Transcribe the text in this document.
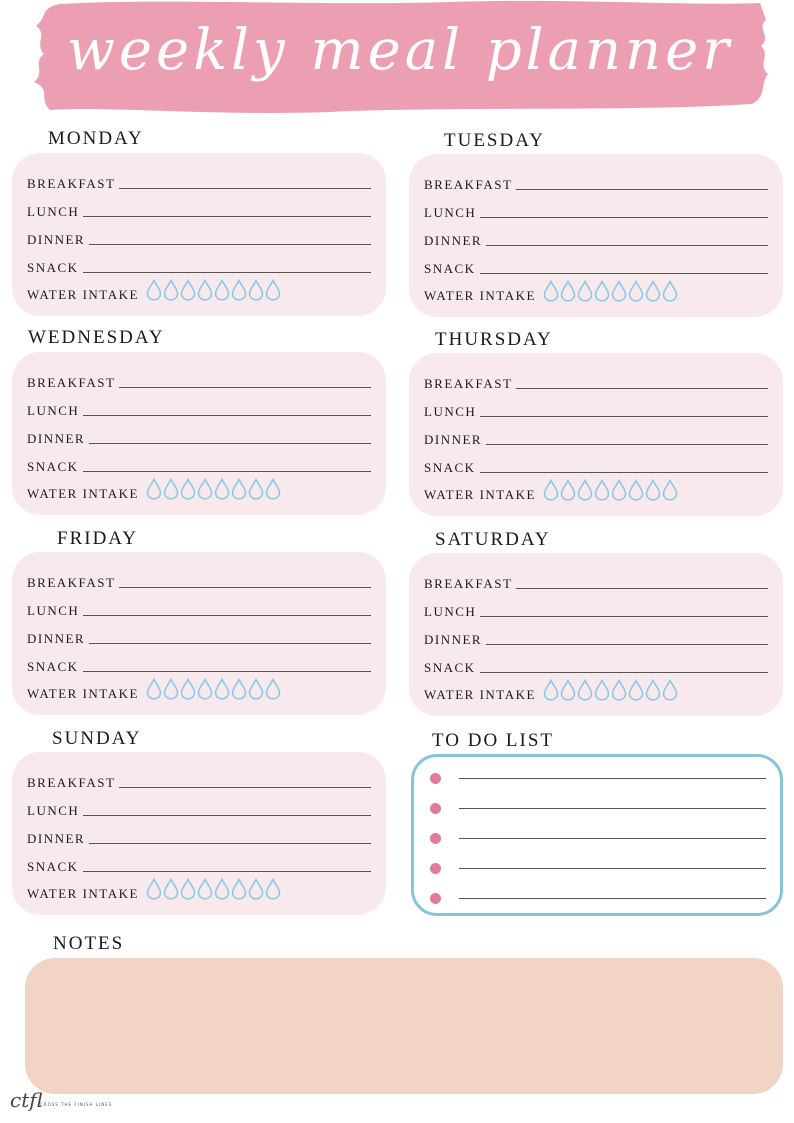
weekly meal planner
MONDAY
BREAKFAST
LUNCH
DINNER
SNACK
WATER INTAKE
TUESDAY
BREAKFAST
LUNCH
DINNER
SNACK
WATER INTAKE
WEDNESDAY
BREAKFAST
LUNCH
DINNER
SNACK
WATER INTAKE
THURSDAY
BREAKFAST
LUNCH
DINNER
SNACK
WATER INTAKE
FRIDAY
BREAKFAST
LUNCH
DINNER
SNACK
WATER INTAKE
SATURDAY
BREAKFAST
LUNCH
DINNER
SNACK
WATER INTAKE
SUNDAY
BREAKFAST
LUNCH
DINNER
SNACK
WATER INTAKE
TO DO LIST
NOTES
ctfl
CROSS THE FINISH LINES
